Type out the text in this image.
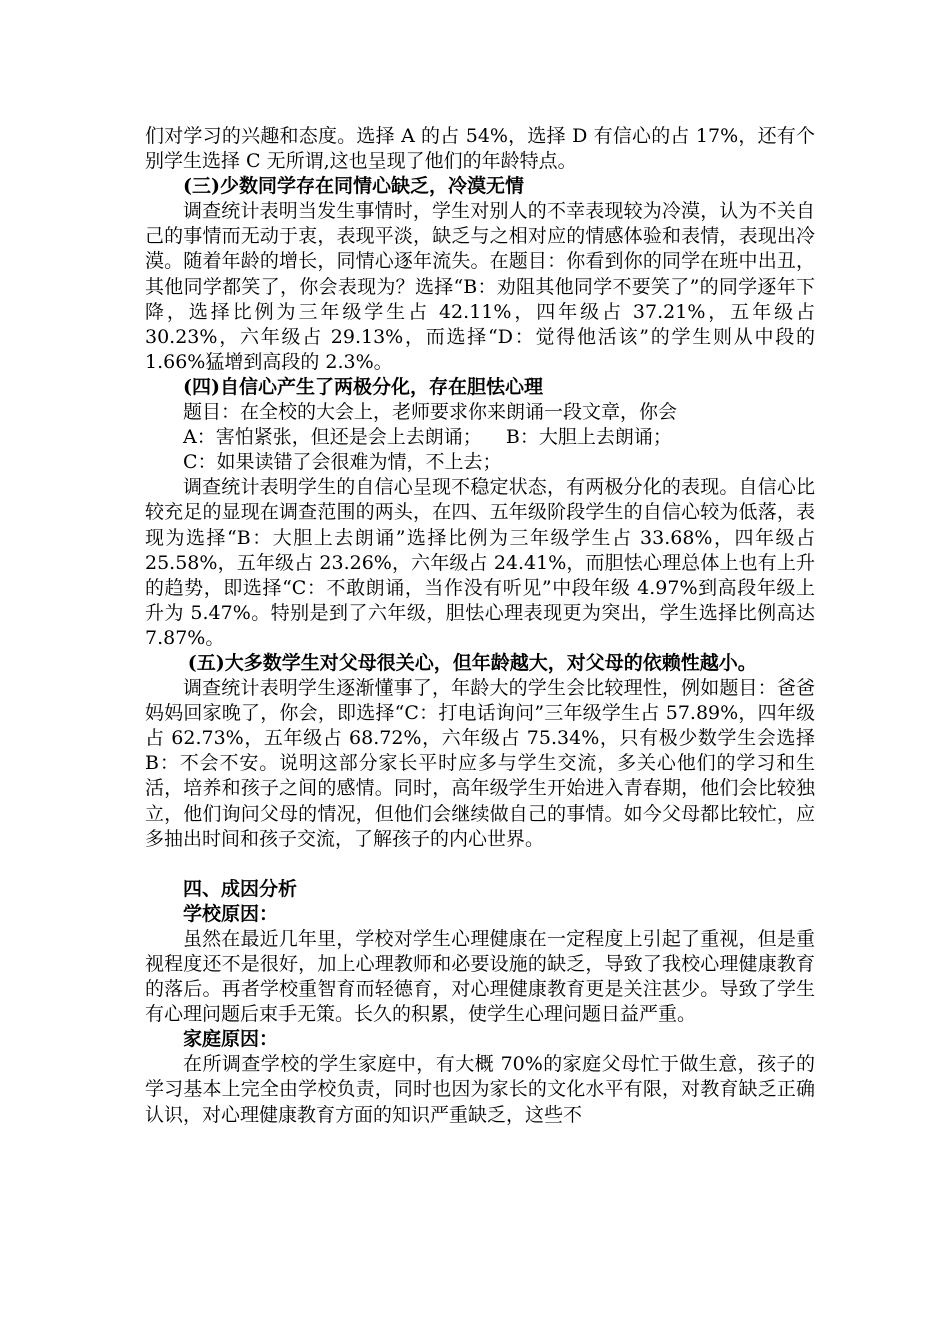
们对学习的兴趣和态度。选择 A 的占 54%，选择 D 有信心的占 17%，还有个别学生选择 C 无所谓,这也呈现了他们的年龄特点。

(三)少数同学存在同情心缺乏，冷漠无情

调查统计表明当发生事情时，学生对别人的不幸表现较为冷漠，认为不关自己的事情而无动于衷，表现平淡，缺乏与之相对应的情感体验和表情，表现出冷漠。随着年龄的增长，同情心逐年流失。在题目：你看到你的同学在班中出丑，其他同学都笑了，你会表现为？选择“B：劝阻其他同学不要笑了”的同学逐年下降，选择比例为三年级学生占 42.11%，四年级占 37.21%，五年级占 30.23%，六年级占 29.13%，而选择“D：觉得他活该”的学生则从中段的 1.66%猛增到高段的 2.3%。

(四)自信心产生了两极分化，存在胆怯心理

题目：在全校的大会上，老师要求你来朗诵一段文章，你会

A：害怕紧张，但还是会上去朗诵；    B：大胆上去朗诵；

C：如果读错了会很难为情，不上去；

调查统计表明学生的自信心呈现不稳定状态，有两极分化的表现。自信心比较充足的显现在调查范围的两头，在四、五年级阶段学生的自信心较为低落，表现为选择“B：大胆上去朗诵”选择比例为三年级学生占 33.68%，四年级占 25.58%，五年级占 23.26%，六年级占 24.41%，而胆怯心理总体上也有上升的趋势，即选择“C：不敢朗诵，当作没有听见”中段年级 4.97%到高段年级上升为 5.47%。特别是到了六年级，胆怯心理表现更为突出，学生选择比例高达 7.87%。

(五)大多数学生对父母很关心，但年龄越大，对父母的依赖性越小。

调查统计表明学生逐渐懂事了，年龄大的学生会比较理性，例如题目：爸爸妈妈回家晚了，你会，即选择“C：打电话询问”三年级学生占 57.89%，四年级占 62.73%，五年级占 68.72%，六年级占 75.34%，只有极少数学生会选择 B：不会不安。说明这部分家长平时应多与学生交流，多关心他们的学习和生活，培养和孩子之间的感情。同时，高年级学生开始进入青春期，他们会比较独立，他们询问父母的情况，但他们会继续做自己的事情。如今父母都比较忙，应多抽出时间和孩子交流，了解孩子的内心世界。

四、成因分析

学校原因：

虽然在最近几年里，学校对学生心理健康在一定程度上引起了重视，但是重视程度还不是很好，加上心理教师和必要设施的缺乏，导致了我校心理健康教育的落后。再者学校重智育而轻德育，对心理健康教育更是关注甚少。导致了学生有心理问题后束手无策。长久的积累，使学生心理问题日益严重。

家庭原因：

在所调查学校的学生家庭中，有大概 70%的家庭父母忙于做生意，孩子的学习基本上完全由学校负责，同时也因为家长的文化水平有限，对教育缺乏正确认识，对心理健康教育方面的知识严重缺乏，这些不
